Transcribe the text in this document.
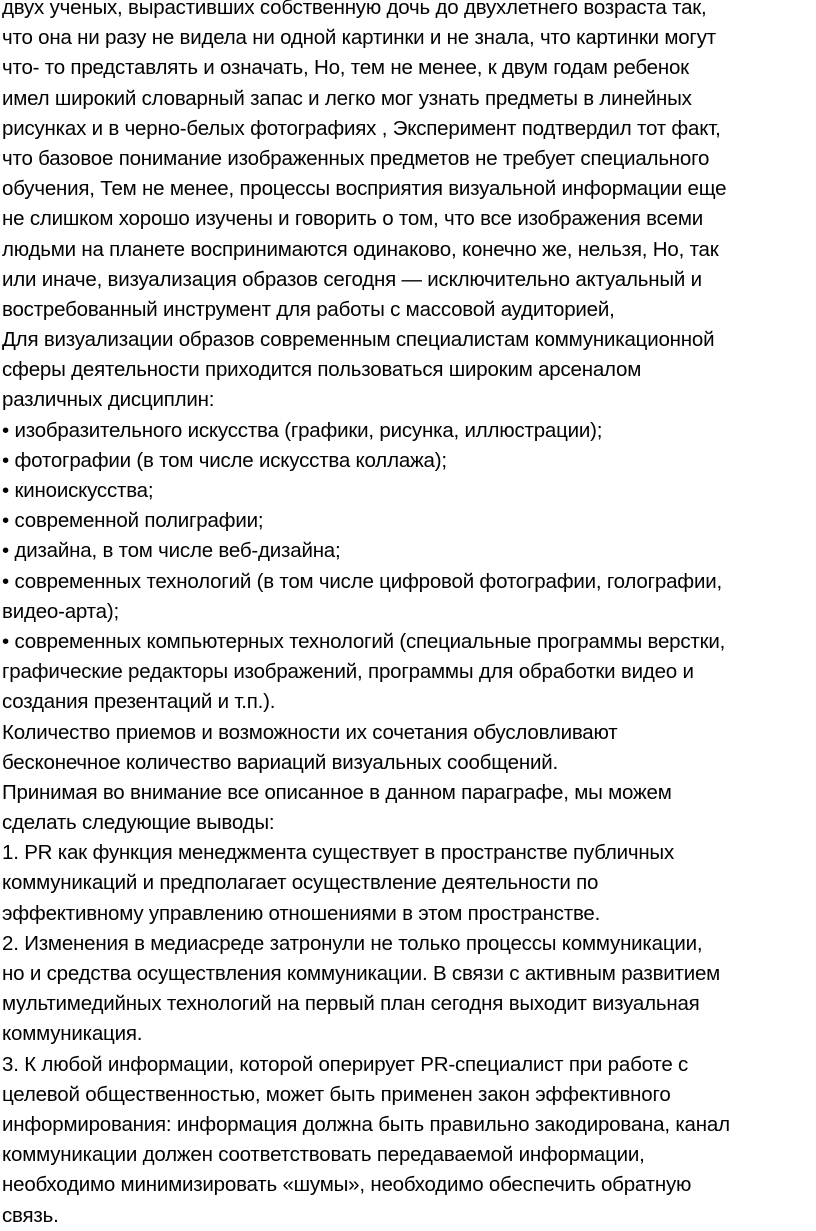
двух ученых, вырастивших собственную дочь до двухлетнего возраста так,
что она ни разу не видела ни одной картинки и не знала, что картинки могут
что- то представлять и означать, Но, тем не менее, к двум годам ребенок
имел широкий словарный запас и легко мог узнать предметы в линейных
рисунках и в черно-белых фотографиях , Эксперимент подтвердил тот факт,
что базовое понимание изображенных предметов не требует специального
обучения, Тем не менее, процессы восприятия визуальной информации еще
не слишком хорошо изучены и говорить о том, что все изображения всеми
людьми на планете воспринимаются одинаково, конечно же, нельзя, Но, так
или иначе, визуализация образов сегодня — исключительно актуальный и
востребованный инструмент для работы с массовой аудиторией,
Для визуализации образов современным специалистам коммуникационной
сферы деятельности приходится пользоваться широким арсеналом
различных дисциплин:
• изобразительного искусства (графики, рисунка, иллюстрации);
• фотографии (в том числе искусства коллажа);
• киноискусства;
• современной полиграфии;
• дизайна, в том числе веб-дизайна;
• современных технологий (в том числе цифровой фотографии, голографии,
видео-арта);
• современных компьютерных технологий (специальные программы верстки,
графические редакторы изображений, программы для обработки видео и
создания презентаций и т.п.).
Количество приемов и возможности их сочетания обусловливают
бесконечное количество вариаций визуальных сообщений.
Принимая во внимание все описанное в данном параграфе, мы можем
сделать следующие выводы:
1. PR как функция менеджмента существует в пространстве публичных
коммуникаций и предполагает осуществление деятельности по
эффективному управлению отношениями в этом пространстве.
2. Изменения в медиасреде затронули не только процессы коммуникации,
но и средства осуществления коммуникации. В связи с активным развитием
мультимедийных технологий на первый план сегодня выходит визуальная
коммуникация.
3. К любой информации, которой оперирует PR-специалист при работе с
целевой общественностью, может быть применен закон эффективного
информирования: информация должна быть правильно закодирована, канал
коммуникации должен соответствовать передаваемой информации,
необходимо минимизировать «шумы», необходимо обеспечить обратную
связь.
